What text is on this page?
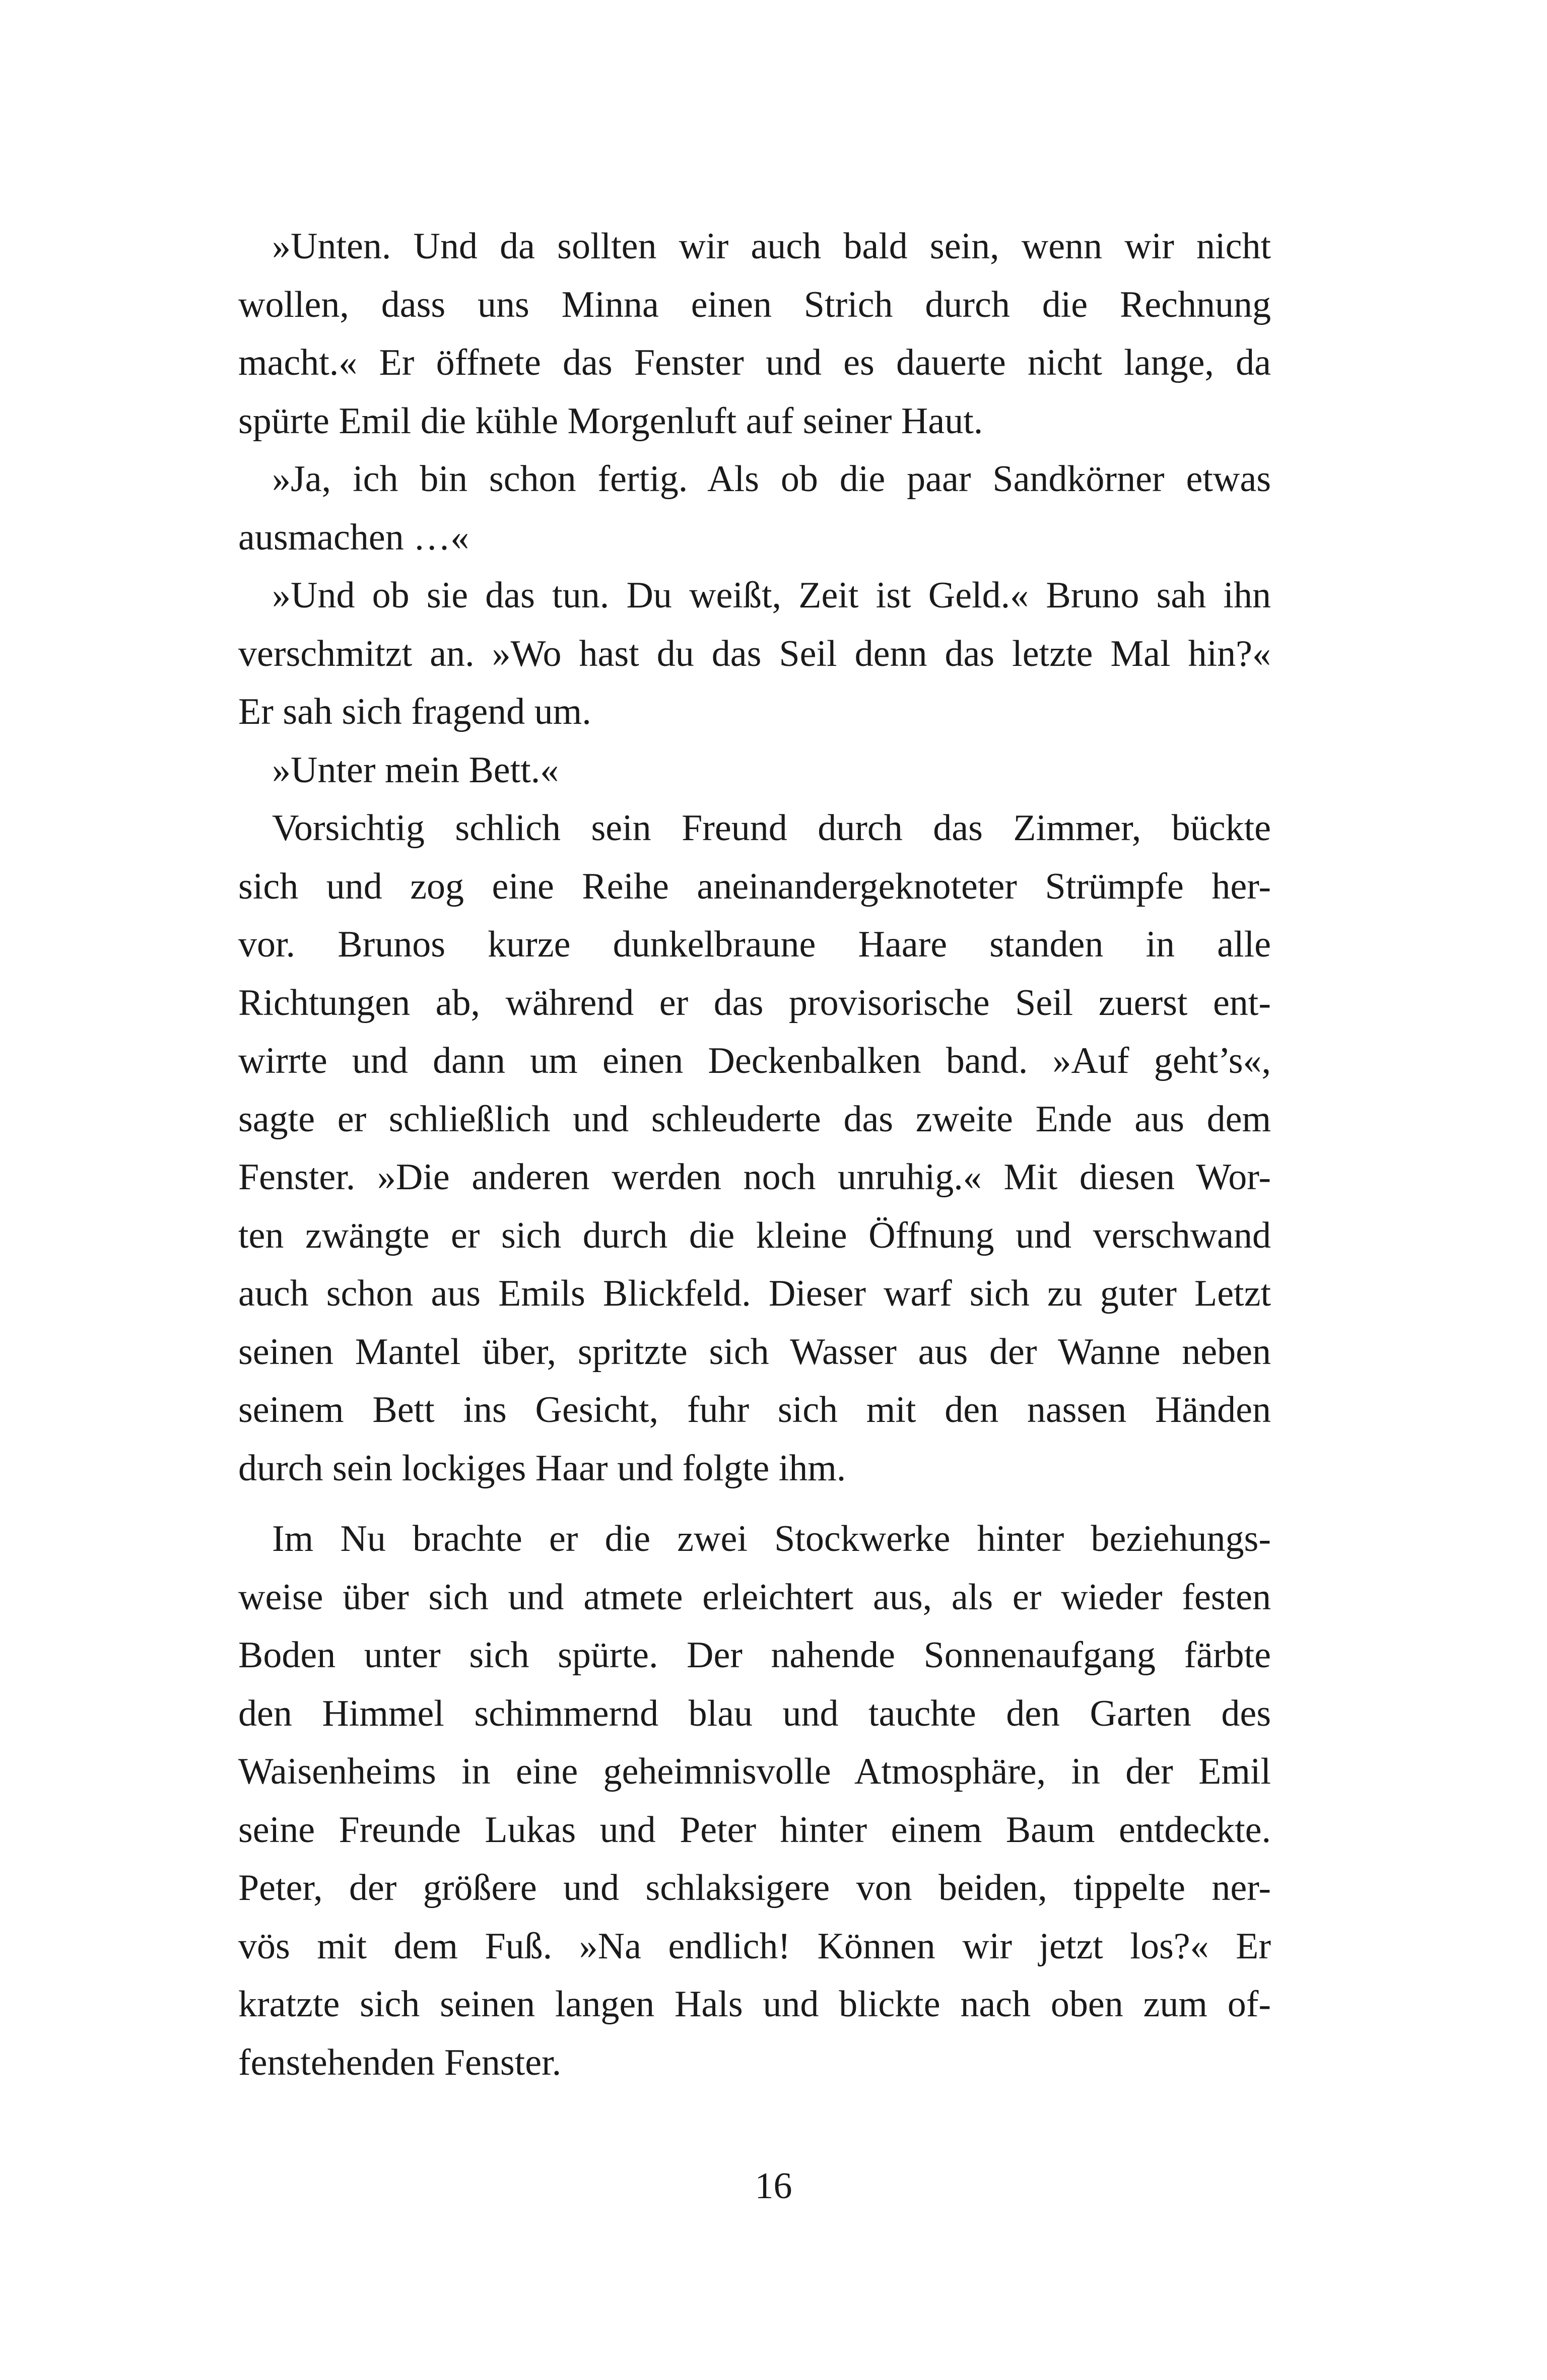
»Unten. Und da sollten wir auch bald sein, wenn wir nicht
wollen, dass uns Minna einen Strich durch die Rechnung
macht.« Er öffnete das Fenster und es dauerte nicht lange, da
spürte Emil die kühle Morgenluft auf seiner Haut.
»Ja, ich bin schon fertig. Als ob die paar Sandkörner etwas
ausmachen …«
»Und ob sie das tun. Du weißt, Zeit ist Geld.« Bruno sah ihn
verschmitzt an. »Wo hast du das Seil denn das letzte Mal hin?«
Er sah sich fragend um.
»Unter mein Bett.«
Vorsichtig schlich sein Freund durch das Zimmer, bückte
sich und zog eine Reihe aneinandergeknoteter Strümpfe her-
vor. Brunos kurze dunkelbraune Haare standen in alle
Richtungen ab, während er das provisorische Seil zuerst ent-
wirrte und dann um einen Deckenbalken band. »Auf geht’s«,
sagte er schließlich und schleuderte das zweite Ende aus dem
Fenster. »Die anderen werden noch unruhig.« Mit diesen Wor-
ten zwängte er sich durch die kleine Öffnung und verschwand
auch schon aus Emils Blickfeld. Dieser warf sich zu guter Letzt
seinen Mantel über, spritzte sich Wasser aus der Wanne neben
seinem Bett ins Gesicht, fuhr sich mit den nassen Händen
durch sein lockiges Haar und folgte ihm.
Im Nu brachte er die zwei Stockwerke hinter beziehungs-
weise über sich und atmete erleichtert aus, als er wieder festen
Boden unter sich spürte. Der nahende Sonnenaufgang färbte
den Himmel schimmernd blau und tauchte den Garten des
Waisenheims in eine geheimnisvolle Atmosphäre, in der Emil
seine Freunde Lukas und Peter hinter einem Baum entdeckte.
Peter, der größere und schlaksigere von beiden, tippelte ner-
vös mit dem Fuß. »Na endlich! Können wir jetzt los?« Er
kratzte sich seinen langen Hals und blickte nach oben zum of-
fenstehenden Fenster.
16
